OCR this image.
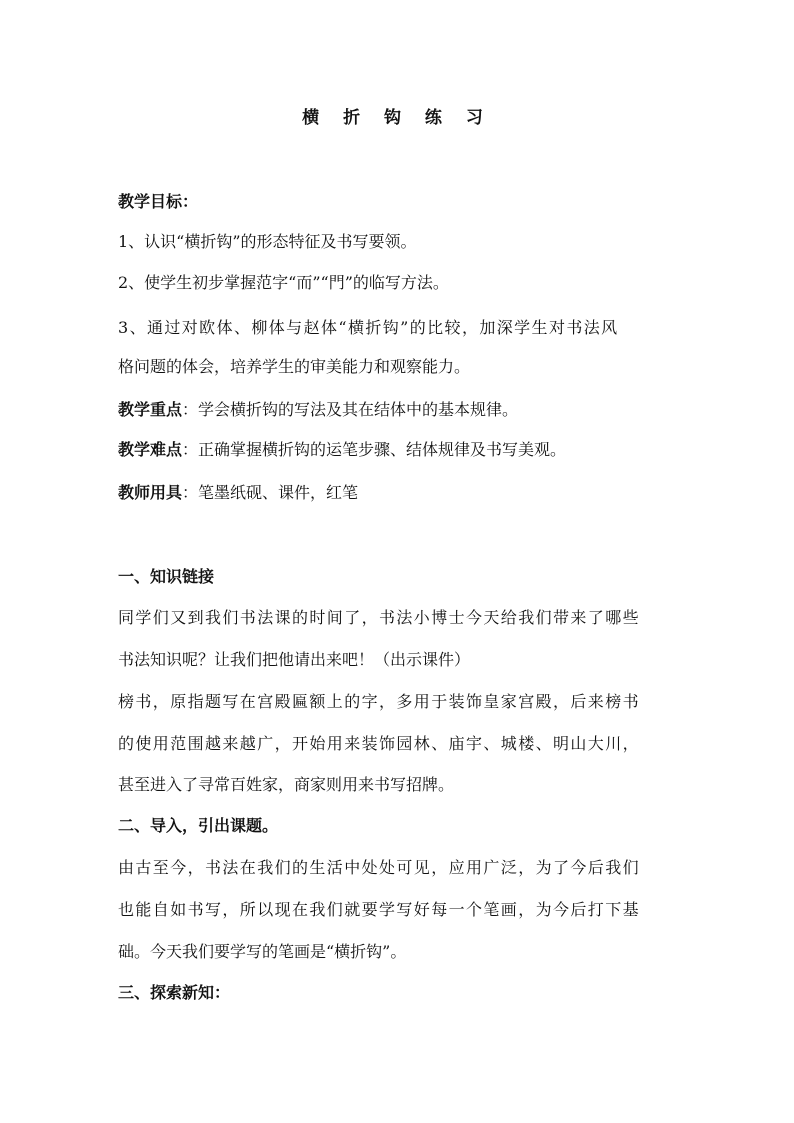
横 折 钩 练 习
教学目标：
1、认识“横折钩”的形态特征及书写要领。
2、使学生初步掌握范字“而”“門”的临写方法。
3、通过对欧体、柳体与赵体“横折钩”的比较，加深学生对书法风
格问题的体会，培养学生的审美能力和观察能力。
教学重点：学会横折钩的写法及其在结体中的基本规律。
教学难点：正确掌握横折钩的运笔步骤、结体规律及书写美观。
教师用具：笔墨纸砚、课件，红笔
一、知识链接
同学们又到我们书法课的时间了，书法小博士今天给我们带来了哪些
书法知识呢？让我们把他请出来吧！（出示课件）
榜书，原指题写在宫殿匾额上的字，多用于装饰皇家宫殿，后来榜书
的使用范围越来越广，开始用来装饰园林、庙宇、城楼、明山大川，
甚至进入了寻常百姓家，商家则用来书写招牌。
二、导入，引出课题。
由古至今，书法在我们的生活中处处可见，应用广泛，为了今后我们
也能自如书写，所以现在我们就要学写好每一个笔画，为今后打下基
础。今天我们要学写的笔画是“横折钩”。
三、探索新知：
